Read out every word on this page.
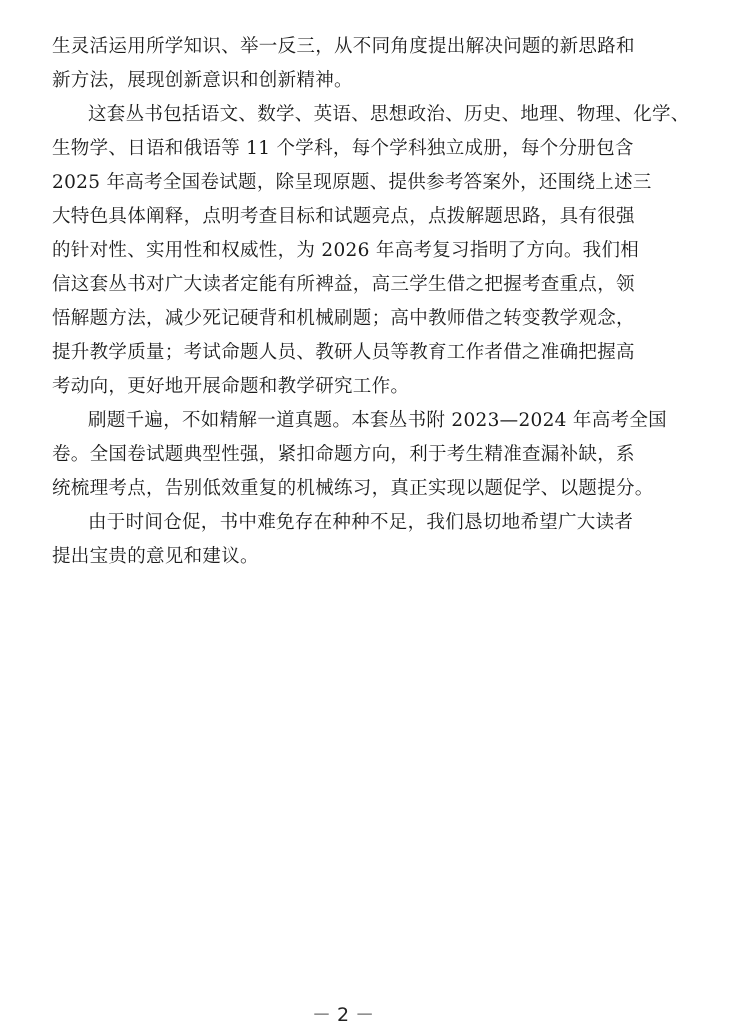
生灵活运用所学知识、举一反三，从不同角度提出解决问题的新思路和
新方法，展现创新意识和创新精神。
这套丛书包括语文、数学、英语、思想政治、历史、地理、物理、化学、
生物学、日语和俄语等 11 个学科，每个学科独立成册，每个分册包含
2025 年高考全国卷试题，除呈现原题、提供参考答案外，还围绕上述三
大特色具体阐释，点明考查目标和试题亮点，点拨解题思路，具有很强
的针对性、实用性和权威性，为 2026 年高考复习指明了方向。我们相
信这套丛书对广大读者定能有所裨益，高三学生借之把握考查重点，领
悟解题方法，减少死记硬背和机械刷题；高中教师借之转变教学观念，
提升教学质量；考试命题人员、教研人员等教育工作者借之准确把握高
考动向，更好地开展命题和教学研究工作。
刷题千遍，不如精解一道真题。本套丛书附 2023—2024 年高考全国
卷。全国卷试题典型性强，紧扣命题方向，利于考生精准查漏补缺，系
统梳理考点，告别低效重复的机械练习，真正实现以题促学、以题提分。
由于时间仓促，书中难免存在种种不足，我们恳切地希望广大读者
提出宝贵的意见和建议。
－ 2 －
